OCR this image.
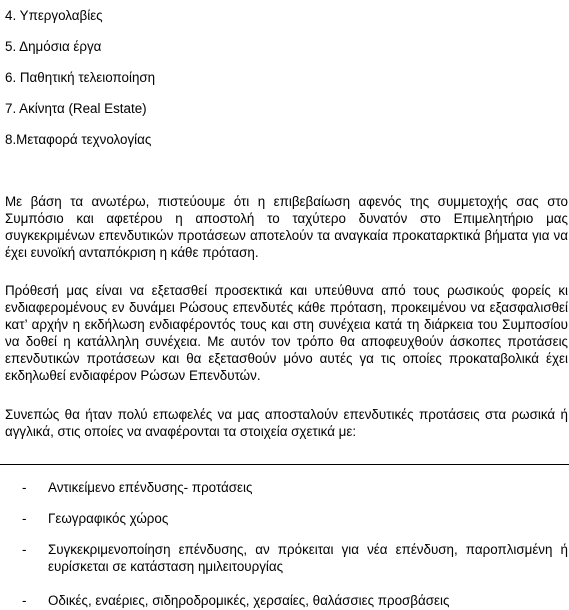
4. Υπεργολαβίες
5. Δημόσια έργα
6. Παθητική τελειοποίηση
7. Ακίνητα (Real Estate)
8.Μεταφορά τεχνολογίας

Με βάση τα ανωτέρω, πιστεύουμε ότι η επιβεβαίωση αφενός της συμμετοχής σας στο Συμπόσιο και αφετέρου η αποστολή το ταχύτερο δυνατόν στο Επιμελητήριο μας συγκεκριμένων επενδυτικών προτάσεων αποτελούν τα αναγκαία προκαταρκτικά βήματα για να έχει ευνοϊκή ανταπόκριση η κάθε πρόταση.

Πρόθεσή μας είναι να εξετασθεί προσεκτικά και υπεύθυνα από τους ρωσικούς φορείς κι ενδιαφερομένους εν δυνάμει Ρώσους επενδυτές κάθε πρόταση, προκειμένου να εξασφαλισθεί κατ’ αρχήν η εκδήλωση ενδιαφέροντός τους και στη συνέχεια κατά τη διάρκεια του Συμποσίου να δοθεί η κατάλληλη συνέχεια. Με αυτόν τον τρόπο θα αποφευχθούν άσκοπες προτάσεις επενδυτικών προτάσεων και θα εξετασθούν μόνο αυτές γα τις οποίες προκαταβολικά έχει εκδηλωθεί ενδιαφέρον Ρώσων Επενδυτών.

Συνεπώς θα ήταν πολύ επωφελές να μας αποσταλούν επενδυτικές προτάσεις στα ρωσικά ή αγγλικά, στις οποίες να αναφέρονται τα στοιχεία σχετικά με:

- Αντικείμενο επένδυσης- προτάσεις
- Γεωγραφικός χώρος
- Συγκεκριμενοποίηση επένδυσης, αν πρόκειται για νέα επένδυση, παροπλισμένη ή ευρίσκεται σε κατάσταση ημιλειτουργίας
- Οδικές, εναέριες, σιδηροδρομικές, χερσαίες, θαλάσσιες προσβάσεις
